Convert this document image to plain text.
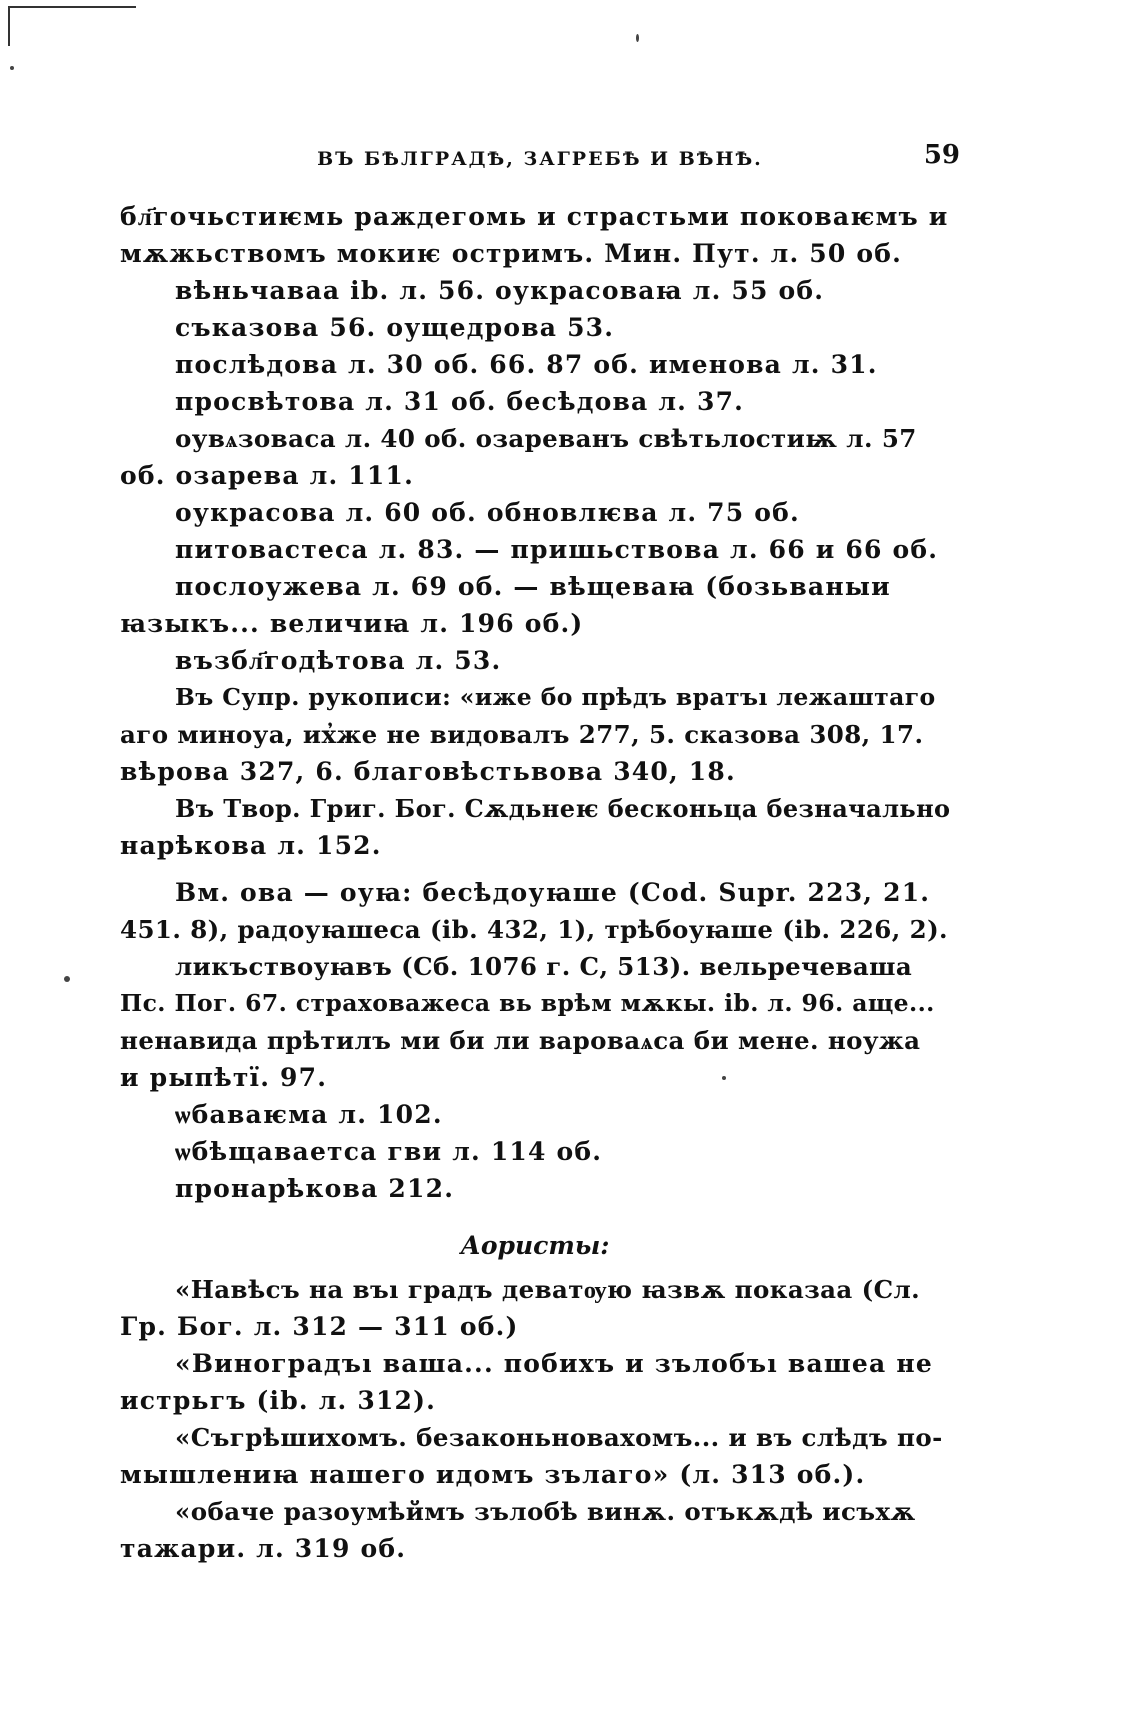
ВЪ БѢЛГРАДѢ, ЗАГРЕБѢ И ВѢНѢ.	59
бл҃гочьстиѥмь раждегомь и страстьми поковаѥмъ и
мѫжьствомъ мокиѥ остримъ. Мин. Пут. л. 50 об.
вѣньчаваа ib. л. 56. оукрасоваꙗ л. 55 об.
съказова 56. оущедрова 53.
послѣдова л. 30 об. 66. 87 об. именова л. 31.
просвѣтова л. 31 об. бесѣдова л. 37.
оувѧзоваса л. 40 об. озареванъ свѣтьлостиѭ л. 57
об. озарева л. 111.
оукрасова л. 60 об. обновлѥва л. 75 об.
питовастеса л. 83. — пришьствова л. 66 и 66 об.
послоужева л. 69 об. — вѣщеваꙗ (бозьваныи
ꙗзыкъ... величиꙗ л. 196 об.)
възбл҃годѣтова л. 53.
Въ Супр. рукописи: «иже бо прѣдъ вратъı лежаштаго
аго миноуа, их̓же не видовалъ 277, 5. сказова 308, 17.
вѣрова 327, 6. благовѣстьвова 340, 18.
Въ Твор. Григ. Бог. Сѫдьнеѥ бесконьца безначально
нарѣкова л. 152.
Вм. ова — оуꙗ: бесѣдоуꙗше (Cod. Supr. 223, 21.
451. 8), радоуꙗшеса (ib. 432, 1), трѣбоуꙗше (ib. 226, 2).
ликъствоуꙗвъ (Сб. 1076 г. С, 513). вельречеваша
Пс. Пог. 67. страховажеса вь врѣм мѫкы. ib. л. 96. аще...
ненавида прѣтилъ ми би ли вароваѧса би мене. ноужа
и рыпѣтї. 97.
ѡбаваѥма л. 102.
ѡбѣщаваетса гви л. 114 об.
пронарѣкова 212.
Аористы:
«Навѣсъ на въı градъ деватѹю ꙗзвѫ показаа (Сл.
Гр. Бог. л. 312 — 311 об.)
«Виноградъı ваша... побихъ и зълобъı вашеа не
истрьгъ (ib. л. 312).
«Съгрѣшихомъ. безаконьновахомъ... и въ слѣдъ по-
мышлениꙗ нашего идомъ зълаго» (л. 313 об.).
«обаче разоумѣймъ зълобѣ винѫ. отъкѫдѣ исъхѫ
тажари. л. 319 об.
